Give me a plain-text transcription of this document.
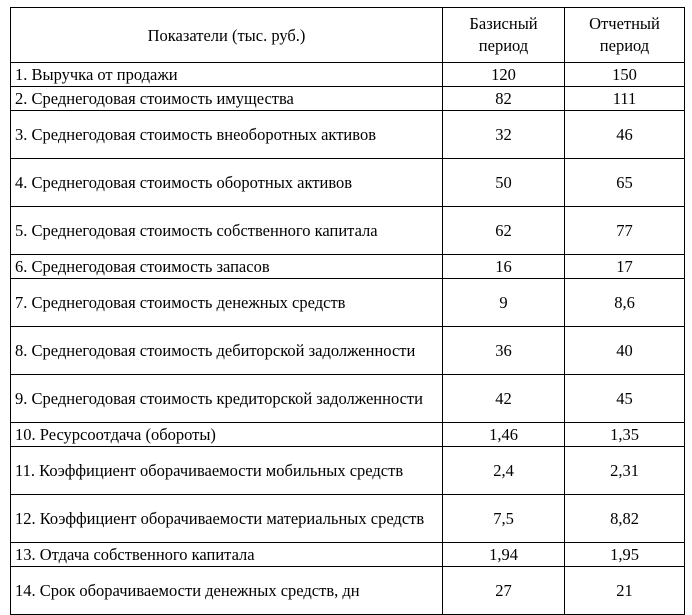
Показатели (тыс. руб.)	Базисный период	Отчетный период
1. Выручка от продажи	120	150
2. Среднегодовая стоимость имущества	82	111
3. Среднегодовая стоимость внеоборотных активов	32	46
4. Среднегодовая стоимость оборотных активов	50	65
5. Среднегодовая стоимость собственного капитала	62	77
6. Среднегодовая стоимость запасов	16	17
7. Среднегодовая стоимость денежных средств	9	8,6
8. Среднегодовая стоимость дебиторской задолженности	36	40
9. Среднегодовая стоимость кредиторской задолженности	42	45
10. Ресурсоотдача (обороты)	1,46	1,35
11. Коэффициент оборачиваемости мобильных средств	2,4	2,31
12. Коэффициент оборачиваемости материальных средств	7,5	8,82
13. Отдача собственного капитала	1,94	1,95
14. Срок оборачиваемости денежных средств, дн	27	21
